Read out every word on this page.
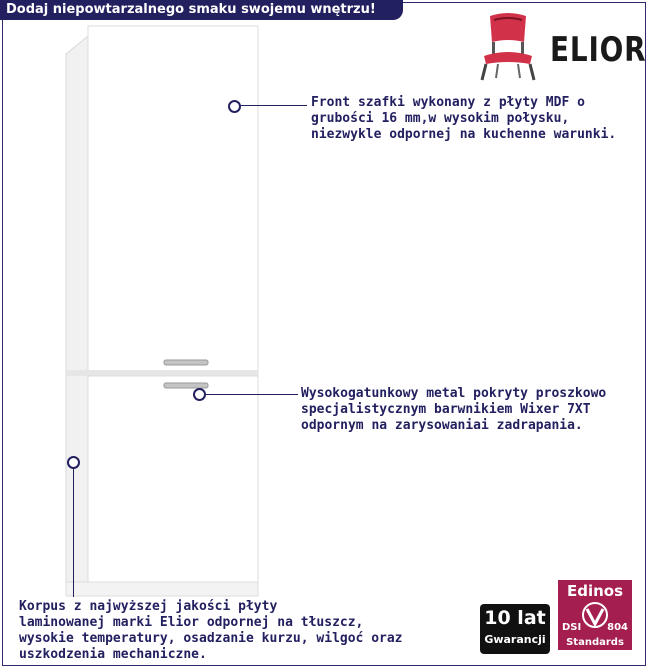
Dodaj niepowtarzalnego smaku swojemu wnętrzu!
ELIOR
Front szafki wykonany z płyty MDF o
grubości 16 mm,w wysokim połysku,
niezwykle odpornej na kuchenne warunki.
Wysokogatunkowy metal pokryty proszkowo
specjalistycznym barwnikiem Wixer 7XT
odpornym na zarysowaniai zadrapania.
Korpus z najwyższej jakości płyty
laminowanej marki Elior odpornej na tłuszcz,
wysokie temperatury, osadzanie kurzu, wilgoć oraz
uszkodzenia mechaniczne.
10 lat
Gwarancji
Edinos
DSI	804
Standards
